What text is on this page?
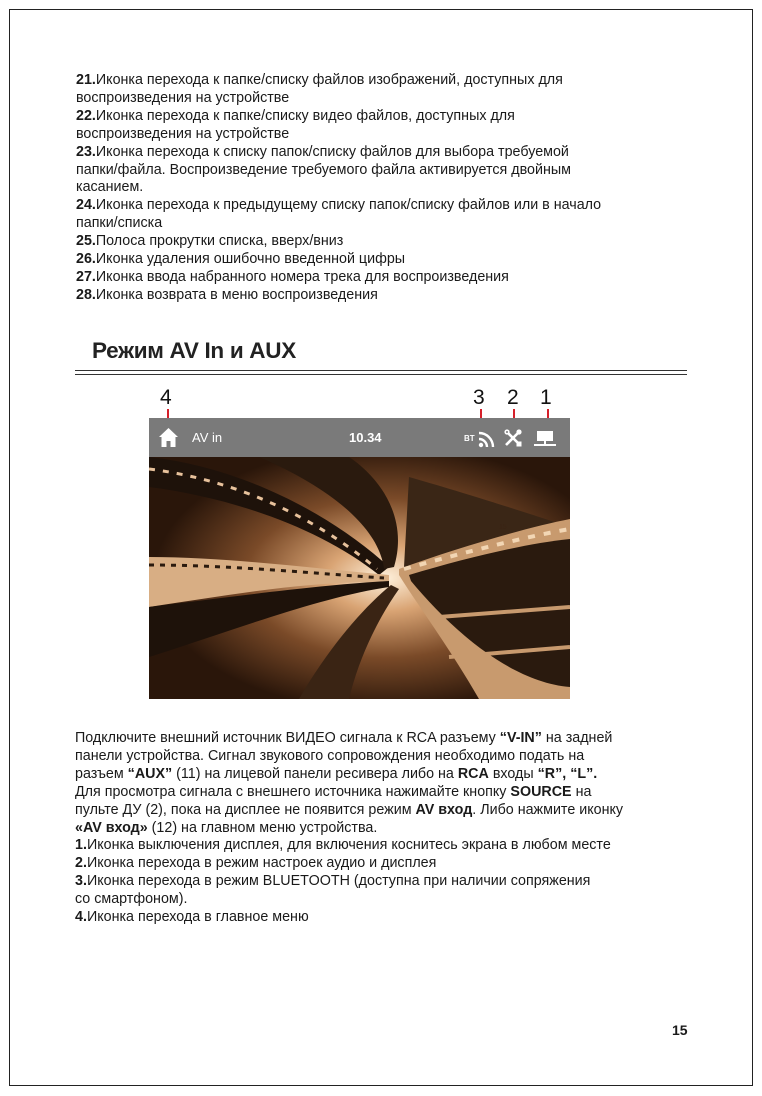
21.Иконка перехода к папке/списку файлов изображений, доступных для

воспроизведения на устройстве

22.Иконка перехода к папке/списку видео файлов, доступных для

воспроизведения на устройстве

23.Иконка перехода к списку папок/списку файлов для выбора требуемой

папки/файла. Воспроизведение требуемого файла активируется двойным

касанием.

24.Иконка перехода к предыдущему списку папок/списку файлов или в начало

папки/списка

25.Полоса прокрутки списка, вверх/вниз

26.Иконка удаления ошибочно введенной цифры

27.Иконка ввода набранного номера трека для воспроизведения

28.Иконка возврата в меню воспроизведения

Режим AV In и AUX
4	3 2 1
AV in	10.34	BT
15

Подключите внешний источник ВИДЕО сигнала к RCA разъему “V-IN” на задней

панели устройства. Сигнал звукового сопровождения необходимо подать на

разъем “AUX” (11) на лицевой панели ресивера либо на RCA входы “R”, “L”.

Для просмотра сигнала с внешнего источника нажимайте кнопку SOURCE на

пульте ДУ (2), пока на дисплее не появится режим AV вход. Либо нажмите иконку

«AV вход» (12) на главном меню устройства.

1.Иконка выключения дисплея, для включения коснитесь экрана в любом месте

2.Иконка перехода в режим настроек аудио и дисплея

3.Иконка перехода в режим BLUETOOTH (доступна при наличии сопряжения

со смартфоном).

4.Иконка перехода в главное меню

15
